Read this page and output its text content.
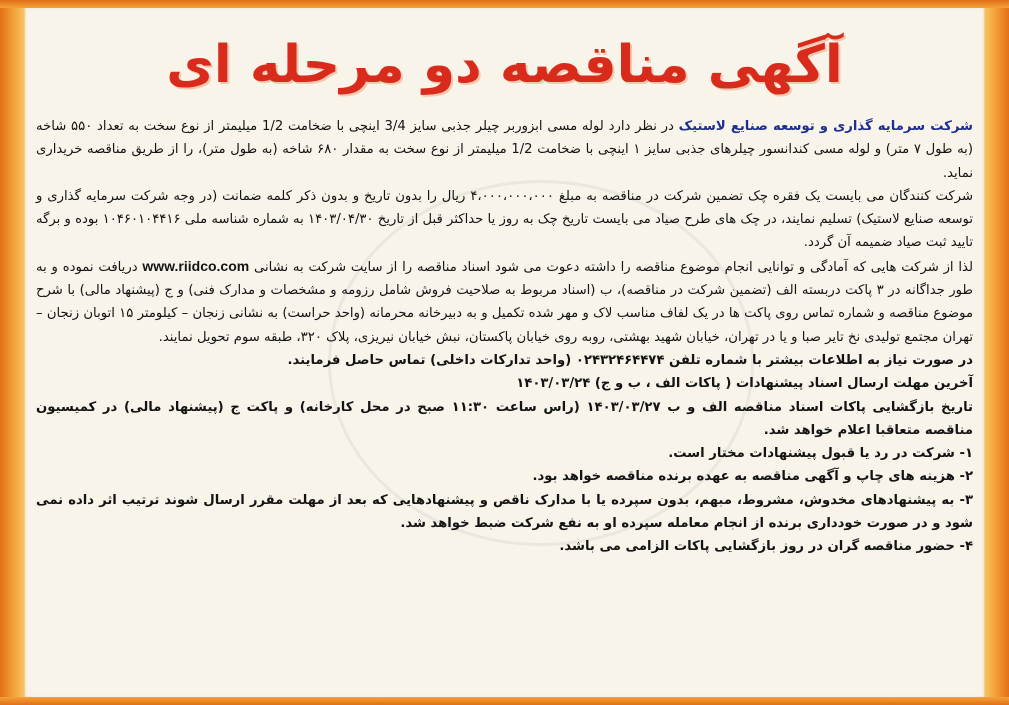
آگهی مناقصه دو مرحله ای

شرکت سرمایه گذاری و توسعه صنایع لاستیک در نظر دارد لوله مسی ابزوربر چیلر جذبی سایز 3/4 اینچی با ضخامت 1/2 میلیمتر از نوع سخت به تعداد ۵۵۰ شاخه (به طول ۷ متر) و لوله مسی کندانسور چیلرهای جذبی سایز ۱ اینچی با ضخامت 1/2 میلیمتر از نوع سخت به مقدار ۶۸۰ شاخه (به طول متر)، را از طریق مناقصه خریداری نماید.

شرکت کنندگان می بایست یک فقره چک تضمین شرکت در مناقصه به مبلغ ۴،۰۰۰،۰۰۰،۰۰۰ ریال را بدون تاریخ و بدون ذکر کلمه ضمانت (در وجه شرکت سرمایه گذاری و توسعه صنایع لاستیک) تسلیم نمایند، در چک های طرح صیاد می بایست تاریخ چک به روز یا حداکثر قبل از تاریخ ۱۴۰۳/۰۴/۳۰ به شماره شناسه ملی ۱۰۴۶۰۱۰۴۴۱۶ بوده و برگه تایید ثبت صیاد ضمیمه آن گردد.

لذا از شرکت هایی که آمادگی و توانایی انجام موضوع مناقصه را داشته دعوت می شود اسناد مناقصه را از سایت شرکت به نشانی www.riidco.com دریافت نموده و به طور جداگانه در ۳ پاکت دربسته الف (تضمین شرکت در مناقصه)، ب (اسناد مربوط به صلاحیت فروش شامل رزومه و مشخصات و مدارک فنی) و ج (پیشنهاد مالی) با شرح موضوع مناقصه و شماره تماس روی پاکت ها در یک لفاف مناسب لاک و مهر شده تکمیل و به دبیرخانه محرمانه (واحد حراست) به نشانی زنجان – کیلومتر ۱۵ اتوبان زنجان – تهران مجتمع تولیدی نخ تایر صبا و یا در تهران، خیابان شهید بهشتی، روبه روی خیابان پاکستان، نبش خیابان نیریزی، پلاک ۳۲۰، طبقه سوم تحویل نمایند.

در صورت نیاز به اطلاعات بیشتر با شماره تلفن ۰۲۴۳۲۴۶۴۴۷۴ (واحد تدارکات داخلی) تماس حاصل فرمایند.

آخرین مهلت ارسال اسناد پیشنهادات ( پاکات الف ، ب و ج) ۱۴۰۳/۰۳/۲۴

تاریخ بازگشایی پاکات اسناد مناقصه الف و ب ۱۴۰۳/۰۳/۲۷ (راس ساعت ۱۱:۳۰ صبح در محل کارخانه) و پاکت ج (پیشنهاد مالی) در کمیسیون مناقصه متعاقبا اعلام خواهد شد.

۱- شرکت در رد یا قبول پیشنهادات مختار است.

۲- هزینه های چاپ و آگهی مناقصه به عهده برنده مناقصه خواهد بود.

۳- به پیشنهادهای مخدوش، مشروط، مبهم، بدون سپرده یا با مدارک ناقص و پیشنهادهایی که بعد از مهلت مقرر ارسال شوند ترتیب اثر داده نمی شود و در صورت خودداری برنده از انجام معامله سپرده او به نفع شرکت ضبط خواهد شد.

۴- حضور مناقصه گران در روز بازگشایی پاکات الزامی می باشد.
